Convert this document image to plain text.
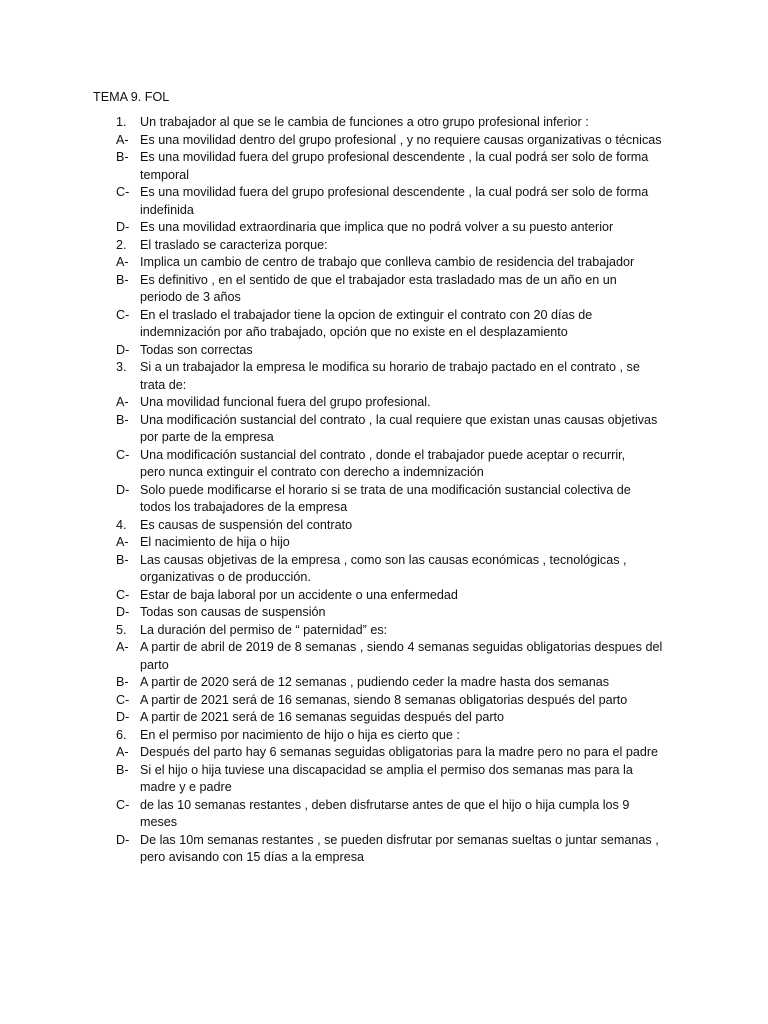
TEMA 9. FOL
1. Un trabajador al que se le cambia de funciones a otro grupo profesional inferior :
A- Es una movilidad dentro del grupo profesional , y no requiere causas organizativas o técnicas
B- Es una movilidad fuera del grupo profesional descendente , la cual podrá ser solo de forma
temporal
C- Es una movilidad fuera del grupo profesional descendente , la cual podrá ser solo de forma
indefinida
D- Es una movilidad extraordinaria que implica que no podrá volver a su puesto anterior
2. El traslado se caracteriza porque:
A- Implica un cambio de centro de trabajo que conlleva cambio de residencia del trabajador
B- Es definitivo , en el sentido de que el trabajador esta trasladado mas de un año en un
periodo de 3 años
C- En el traslado el trabajador tiene la opcion de extinguir el contrato con 20 días de
indemnización por año trabajado, opción que no existe en el desplazamiento
D- Todas son correctas
3. Si a un trabajador la empresa le modifica su horario de trabajo pactado en el contrato , se
trata de:
A- Una movilidad funcional fuera del grupo profesional.
B- Una modificación sustancial del contrato , la cual requiere que existan unas causas objetivas
por parte de la empresa
C- Una modificación sustancial del contrato , donde el trabajador puede aceptar o recurrir,
pero nunca extinguir el contrato con derecho a indemnización
D- Solo puede modificarse el horario si se trata de una modificación sustancial colectiva de
todos los trabajadores de la empresa
4. Es causas de suspensión del contrato
A- El nacimiento de hija o hijo
B- Las causas objetivas de la empresa , como son las causas económicas , tecnológicas ,
organizativas o de producción.
C- Estar de baja laboral por un accidente o una enfermedad
D- Todas son causas de suspensión
5. La duración del permiso de “ paternidad” es:
A- A partir de abril de 2019 de 8 semanas , siendo 4 semanas seguidas obligatorias despues del
parto
B- A partir de 2020 será de 12 semanas , pudiendo ceder la madre hasta dos semanas
C- A partir de 2021 será de 16 semanas, siendo 8 semanas obligatorias después del parto
D- A partir de 2021 será de 16 semanas seguidas después del parto
6. En el permiso por nacimiento de hijo o hija es cierto que :
A- Después del parto hay 6 semanas seguidas obligatorias para la madre pero no para el padre
B- Si el hijo o hija tuviese una discapacidad se amplia el permiso dos semanas mas para la
madre y e padre
C- de las 10 semanas restantes , deben disfrutarse antes de que el hijo o hija cumpla los 9
meses
D- De las 10m semanas restantes , se pueden disfrutar por semanas sueltas o juntar semanas ,
pero avisando con 15 días a la empresa
